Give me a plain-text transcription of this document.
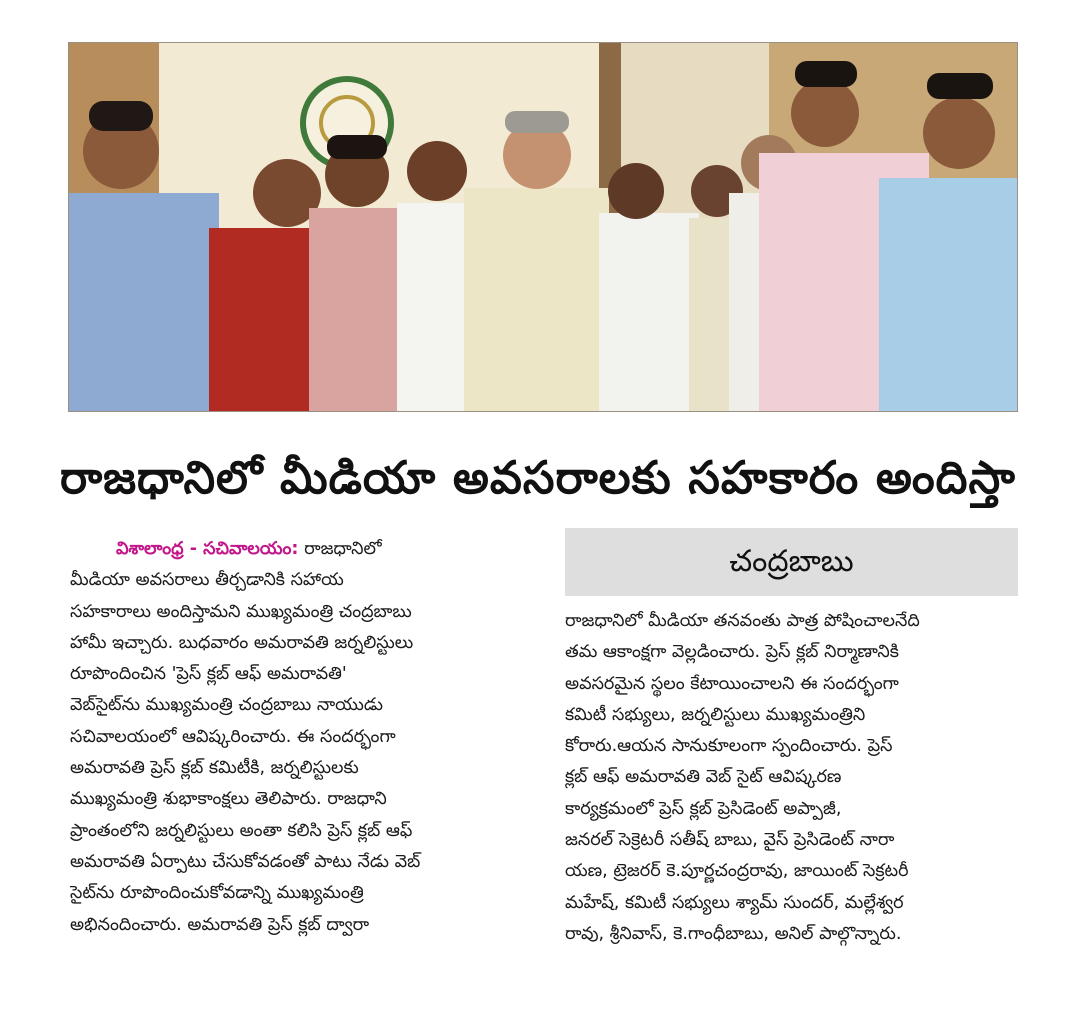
రాజధానిలో మీడియా అవసరాలకు సహకారం అందిస్తా
చంద్రబాబు
విశాలాంధ్ర - సచివాలయం: రాజధానిలో
మీడియా అవసరాలు తీర్చడానికి సహాయ
సహకారాలు అందిస్తామని ముఖ్యమంత్రి చంద్రబాబు
హామీ ఇచ్చారు. బుధవారం అమరావతి జర్నలిస్టులు
రూపొందించిన 'ప్రెస్ క్లబ్ ఆఫ్ అమరావతి'
వెబ్‌సైట్‌ను ముఖ్యమంత్రి చంద్రబాబు నాయుడు
సచివాలయంలో ఆవిష్కరించారు. ఈ సందర్భంగా
అమరావతి ప్రెస్ క్లబ్ కమిటీకి, జర్నలిస్టులకు
ముఖ్యమంత్రి శుభాకాంక్షలు తెలిపారు. రాజధాని
ప్రాంతంలోని జర్నలిస్టులు అంతా కలిసి ప్రెస్ క్లబ్ ఆఫ్
అమరావతి ఏర్పాటు చేసుకోవడంతో పాటు నేడు వెబ్
సైట్‌ను రూపొందించుకోవడాన్ని ముఖ్యమంత్రి
అభినందించారు. అమరావతి ప్రెస్ క్లబ్ ద్వారా
రాజధానిలో మీడియా తనవంతు పాత్ర పోషించాలనేది
తమ ఆకాంక్షగా వెల్లడించారు. ప్రెస్ క్లబ్ నిర్మాణానికి
అవసరమైన స్థలం కేటాయించాలని ఈ సందర్భంగా
కమిటీ సభ్యులు, జర్నలిస్టులు ముఖ్యమంత్రిని
కోరారు.ఆయన సానుకూలంగా స్పందించారు. ప్రెస్
క్లబ్ ఆఫ్ అమరావతి వెబ్ సైట్ ఆవిష్కరణ
కార్యక్రమంలో ప్రెస్ క్లబ్ ప్రెసిడెంట్ అప్పాజీ,
జనరల్ సెక్రెటరీ సతీష్ బాబు, వైస్ ప్రెసిడెంట్ నారా
యణ, ట్రెజరర్ కె.పూర్ణచంద్రరావు, జాయింట్ సెక్రటరీ
మహేష్, కమిటీ సభ్యులు శ్యామ్ సుందర్, మల్లేశ్వర
రావు, శ్రీనివాస్, కె.గాంధీబాబు, అనిల్ పాల్గొన్నారు.
